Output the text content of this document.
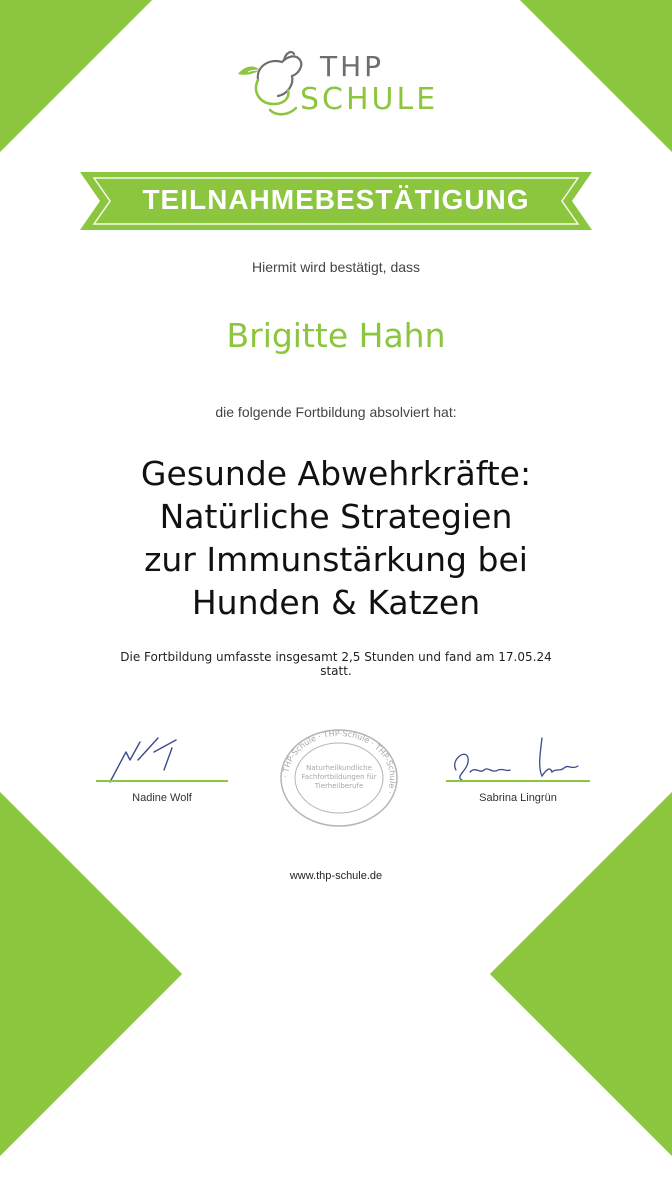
THP
SCHULE
TEILNAHMEBESTÄTIGUNG
Hiermit wird bestätigt, dass
Brigitte Hahn
die folgende Fortbildung absolviert hat:
Gesunde Abwehrkräfte:
Natürliche Strategien
zur Immunstärkung bei
Hunden & Katzen
Die Fortbildung umfasste insgesamt 2,5 Stunden und fand am 17.05.24
statt.
Nadine Wolf
· THP-Schule · THP-Schule · THP-Schule ·
Naturheilkundliche
Fachfortbildungen für
Tierheilberufe
Sabrina Lingrün
www.thp-schule.de
